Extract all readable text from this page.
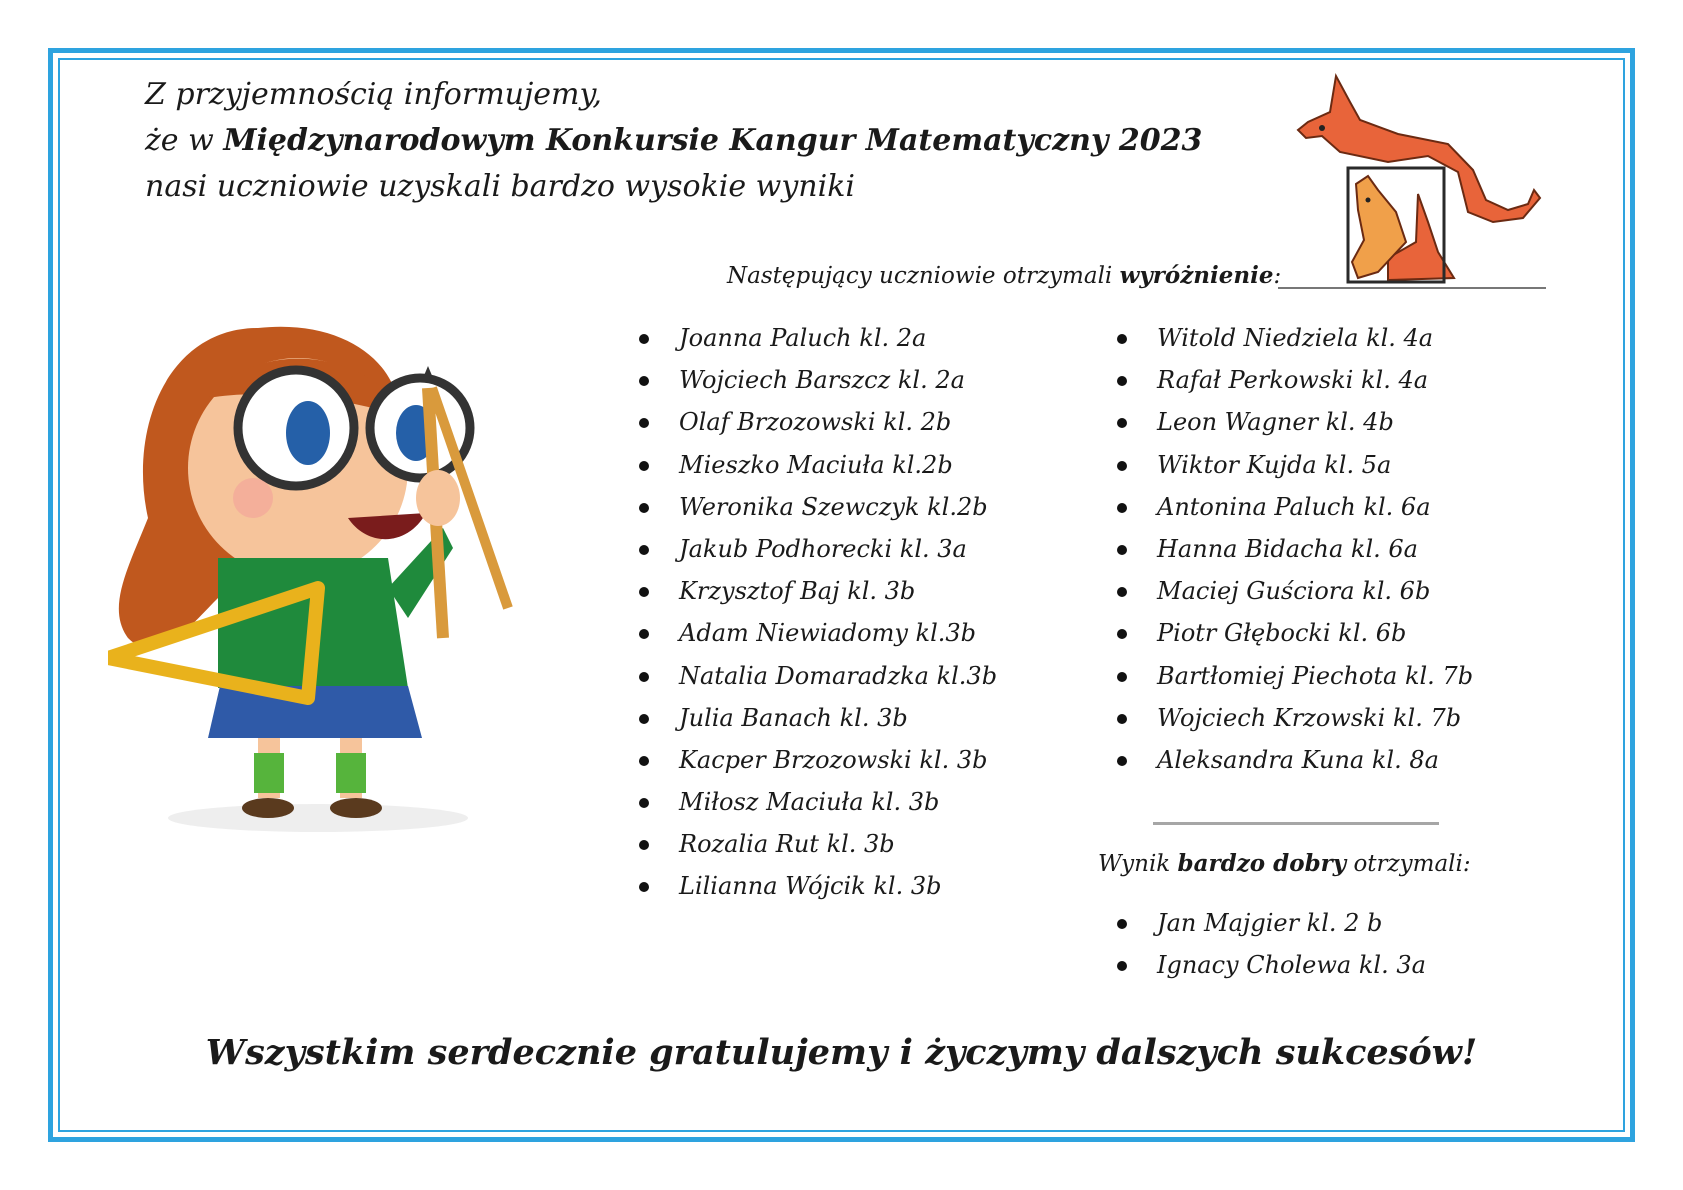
Z przyjemnością informujemy,
że w Międzynarodowym Konkursie Kangur Matematyczny 2023
nasi uczniowie uzyskali bardzo wysokie wyniki
Następujący uczniowie otrzymali wyróżnienie:
Joanna Paluch kl. 2a
Wojciech Barszcz kl. 2a
Olaf Brzozowski kl. 2b
Mieszko Maciuła kl.2b
Weronika Szewczyk kl.2b
Jakub Podhorecki kl. 3a
Krzysztof Baj kl. 3b
Adam Niewiadomy kl.3b
Natalia Domaradzka kl.3b
Julia Banach kl. 3b
Kacper Brzozowski kl. 3b
Miłosz Maciuła kl. 3b
Rozalia Rut kl. 3b
Lilianna Wójcik kl. 3b
Witold Niedziela kl. 4a
Rafał Perkowski kl. 4a
Leon Wagner kl. 4b
Wiktor Kujda kl. 5a
Antonina Paluch kl. 6a
Hanna Bidacha kl. 6a
Maciej Guściora kl. 6b
Piotr Głębocki kl. 6b
Bartłomiej Piechota kl. 7b
Wojciech Krzowski kl. 7b
Aleksandra Kuna kl. 8a
Wynik bardzo dobry otrzymali:
Jan Majgier kl. 2 b
Ignacy Cholewa kl. 3a
Wszystkim serdecznie gratulujemy i życzymy dalszych sukcesów!
